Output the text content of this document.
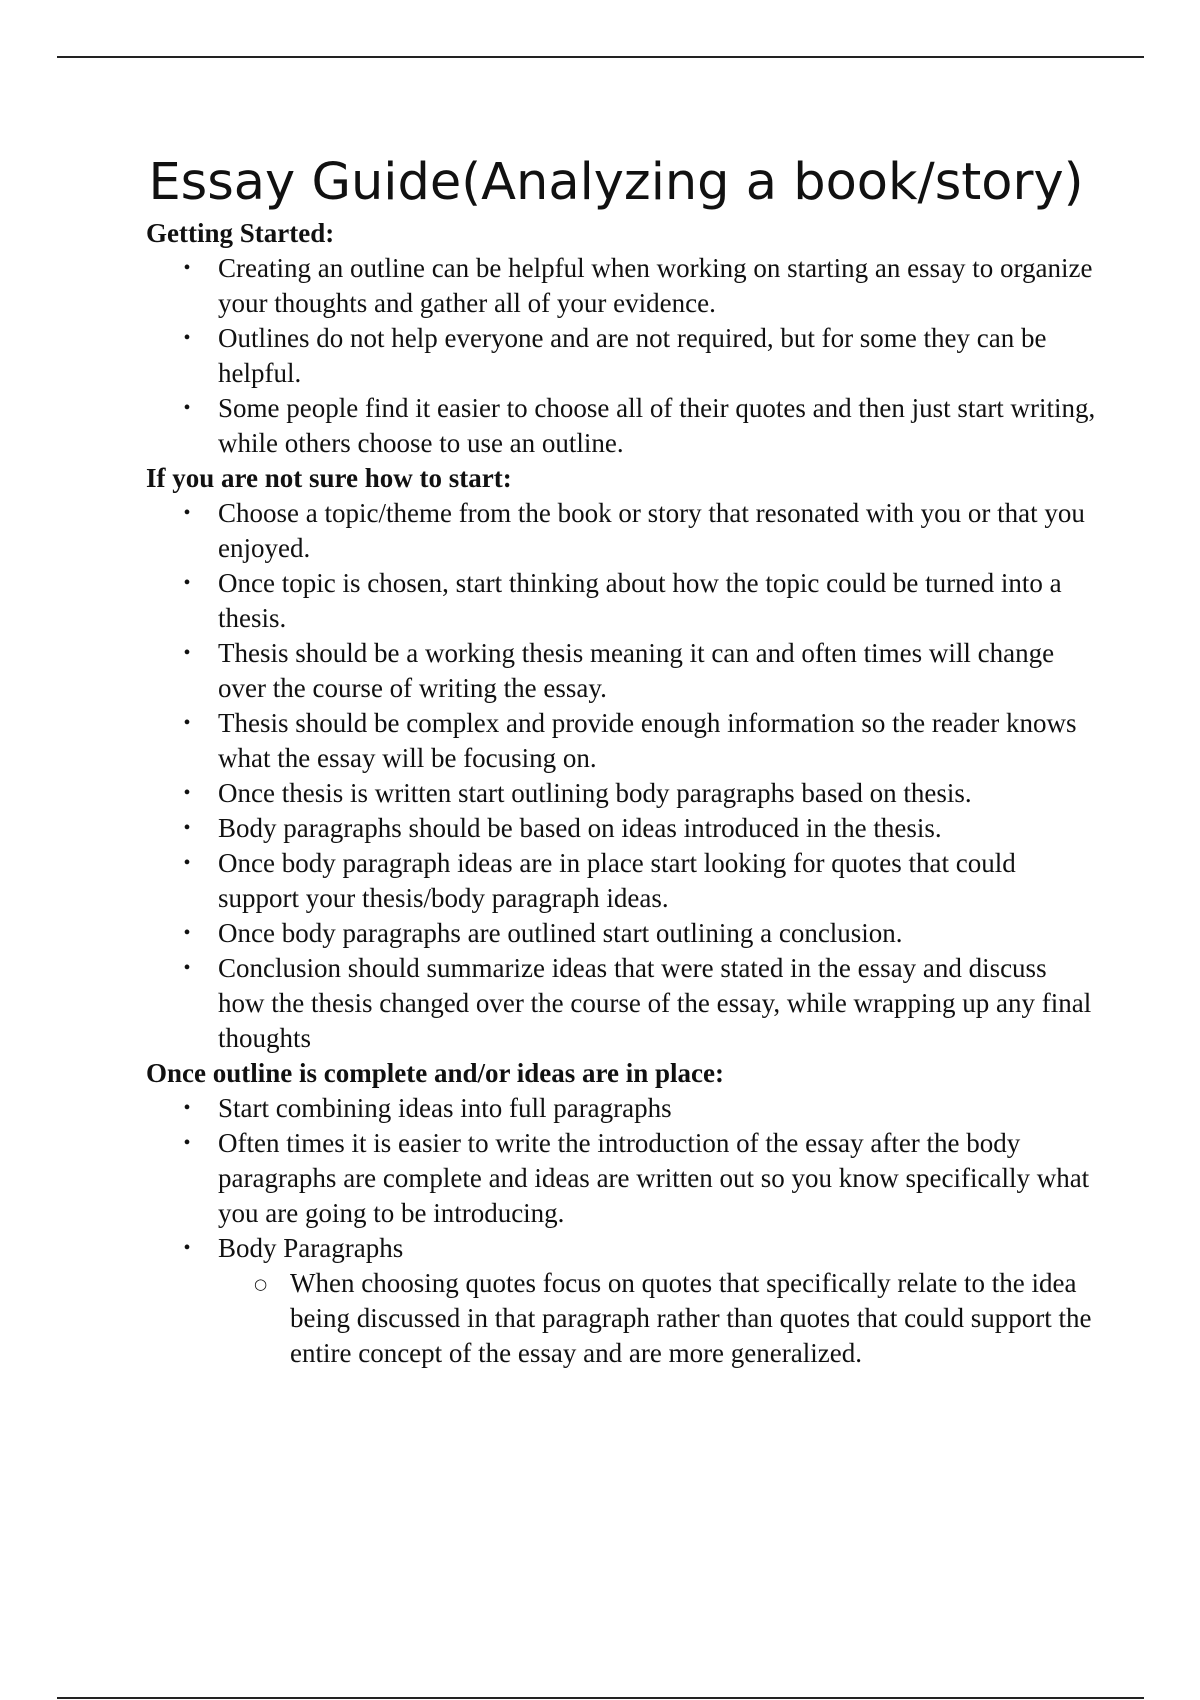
Essay Guide(Analyzing a book/story)
Getting Started:
• Creating an outline can be helpful when working on starting an essay to organize your thoughts and gather all of your evidence.
• Outlines do not help everyone and are not required, but for some they can be helpful.
• Some people find it easier to choose all of their quotes and then just start writing, while others choose to use an outline.
If you are not sure how to start:
• Choose a topic/theme from the book or story that resonated with you or that you enjoyed.
• Once topic is chosen, start thinking about how the topic could be turned into a thesis.
• Thesis should be a working thesis meaning it can and often times will change over the course of writing the essay.
• Thesis should be complex and provide enough information so the reader knows what the essay will be focusing on.
• Once thesis is written start outlining body paragraphs based on thesis.
• Body paragraphs should be based on ideas introduced in the thesis.
• Once body paragraph ideas are in place start looking for quotes that could support your thesis/body paragraph ideas.
• Once body paragraphs are outlined start outlining a conclusion.
• Conclusion should summarize ideas that were stated in the essay and discuss how the thesis changed over the course of the essay, while wrapping up any final thoughts
Once outline is complete and/or ideas are in place:
• Start combining ideas into full paragraphs
• Often times it is easier to write the introduction of the essay after the body paragraphs are complete and ideas are written out so you know specifically what you are going to be introducing.
• Body Paragraphs
○ When choosing quotes focus on quotes that specifically relate to the idea being discussed in that paragraph rather than quotes that could support the entire concept of the essay and are more generalized.
